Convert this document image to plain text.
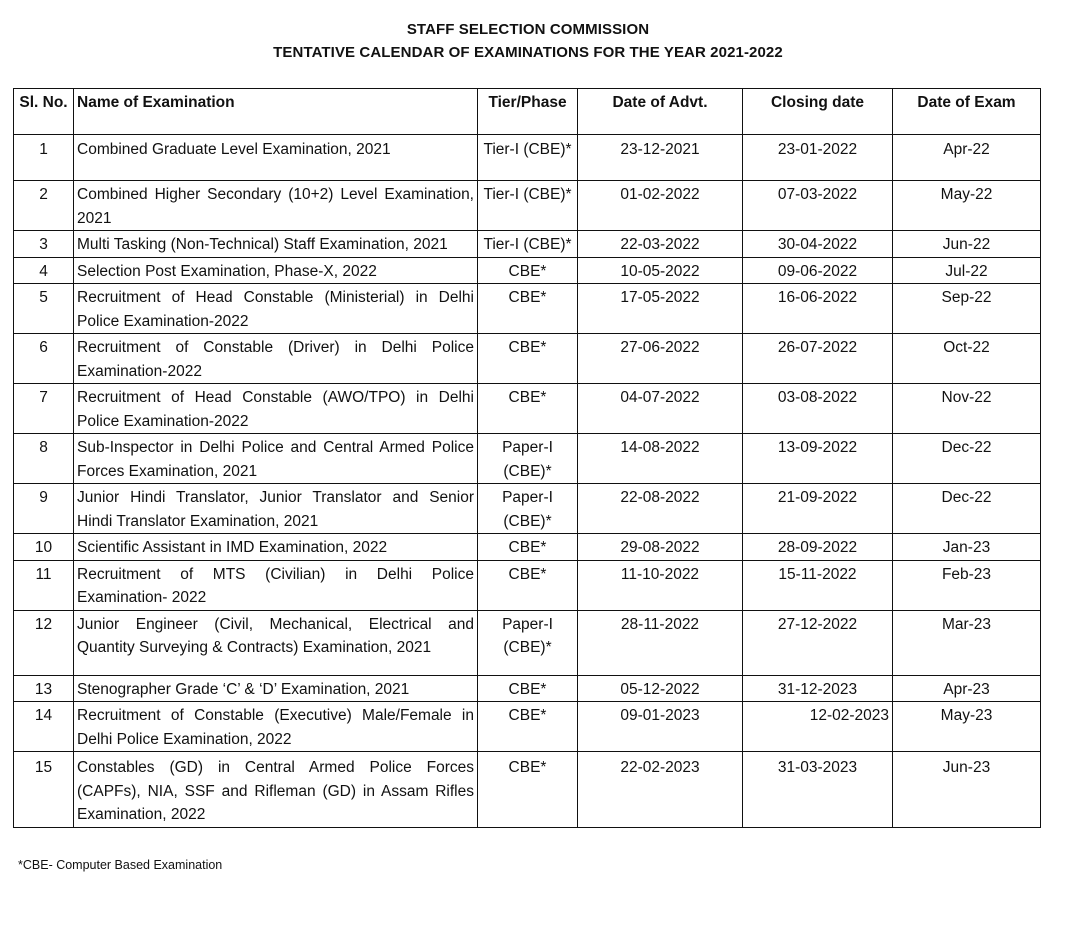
STAFF SELECTION COMMISSION
TENTATIVE CALENDAR OF EXAMINATIONS FOR THE YEAR 2021-2022
Sl. No.	Name of Examination	Tier/Phase	Date of Advt.	Closing date	Date of Exam
1	Combined Graduate Level Examination, 2021	Tier-I (CBE)*	23-12-2021	23-01-2022	Apr-22
2	Combined Higher Secondary (10+2) Level Examination, 2021	Tier-I (CBE)*	01-02-2022	07-03-2022	May-22
3	Multi Tasking (Non-Technical) Staff Examination, 2021	Tier-I (CBE)*	22-03-2022	30-04-2022	Jun-22
4	Selection Post Examination, Phase-X, 2022	CBE*	10-05-2022	09-06-2022	Jul-22
5	Recruitment of Head Constable (Ministerial) in Delhi Police Examination-2022	CBE*	17-05-2022	16-06-2022	Sep-22
6	Recruitment of Constable (Driver) in Delhi Police Examination-2022	CBE*	27-06-2022	26-07-2022	Oct-22
7	Recruitment of Head Constable (AWO/TPO) in Delhi Police Examination-2022	CBE*	04-07-2022	03-08-2022	Nov-22
8	Sub-Inspector in Delhi Police and Central Armed Police Forces Examination, 2021	Paper-I (CBE)*	14-08-2022	13-09-2022	Dec-22
9	Junior Hindi Translator, Junior Translator and Senior Hindi Translator Examination, 2021	Paper-I (CBE)*	22-08-2022	21-09-2022	Dec-22
10	Scientific Assistant in IMD Examination, 2022	CBE*	29-08-2022	28-09-2022	Jan-23
11	Recruitment of MTS (Civilian) in Delhi Police Examination- 2022	CBE*	11-10-2022	15-11-2022	Feb-23
12	Junior Engineer (Civil, Mechanical, Electrical and Quantity Surveying & Contracts) Examination, 2021	Paper-I (CBE)*	28-11-2022	27-12-2022	Mar-23
13	Stenographer Grade ‘C’ & ‘D’ Examination, 2021	CBE*	05-12-2022	31-12-2023	Apr-23
14	Recruitment of Constable (Executive) Male/Female in Delhi Police Examination, 2022	CBE*	09-01-2023	12-02-2023	May-23
15	Constables (GD) in Central Armed Police Forces (CAPFs), NIA, SSF and Rifleman (GD) in Assam Rifles Examination, 2022	CBE*	22-02-2023	31-03-2023	Jun-23
*CBE- Computer Based Examination
